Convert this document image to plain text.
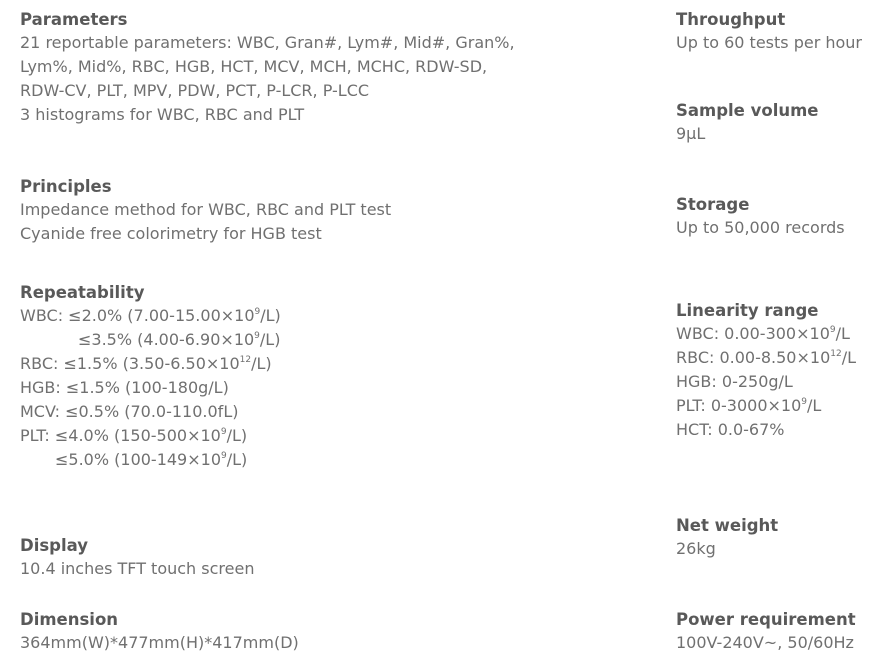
Parameters
21 reportable parameters: WBC, Gran#, Lym#, Mid#, Gran%,
Lym%, Mid%, RBC, HGB, HCT, MCV, MCH, MCHC, RDW-SD,
RDW-CV, PLT, MPV, PDW, PCT, P-LCR, P-LCC
3 histograms for WBC, RBC and PLT
Principles
Impedance method for WBC, RBC and PLT test
Cyanide free colorimetry for HGB test
Repeatability
WBC: ≤2.0% $(7.00-15.00\times 10^9/L)$
≤3.5% $(4.00-6.90\times 10^9/L)$
RBC: ≤1.5% $(3.50-6.50\times 10^{12}/L)$
HGB: ≤1.5% (100-180g/L)
MCV: ≤0.5% (70.0-110.0fL)
PLT: ≤4.0% $(150-500\times 10^9/L)$
≤5.0% $(100-149\times 10^9/L)$
Display
10.4 inches TFT touch screen
Dimension
364mm(W)*477mm(H)*417mm(D)
Throughput
Up to 60 tests per hour
Sample volume
9μL
Storage
Up to 50,000 records
Linearity range
WBC: $0.00-300\times 10^9/L$
RBC: $0.00-8.50\times 10^{12}/L$
HGB: 0-250g/L
PLT: $0-3000\times 10^9/L$
HCT: 0.0-67%
Net weight
26kg
Power requirement
100V-240V~, 50/60Hz
